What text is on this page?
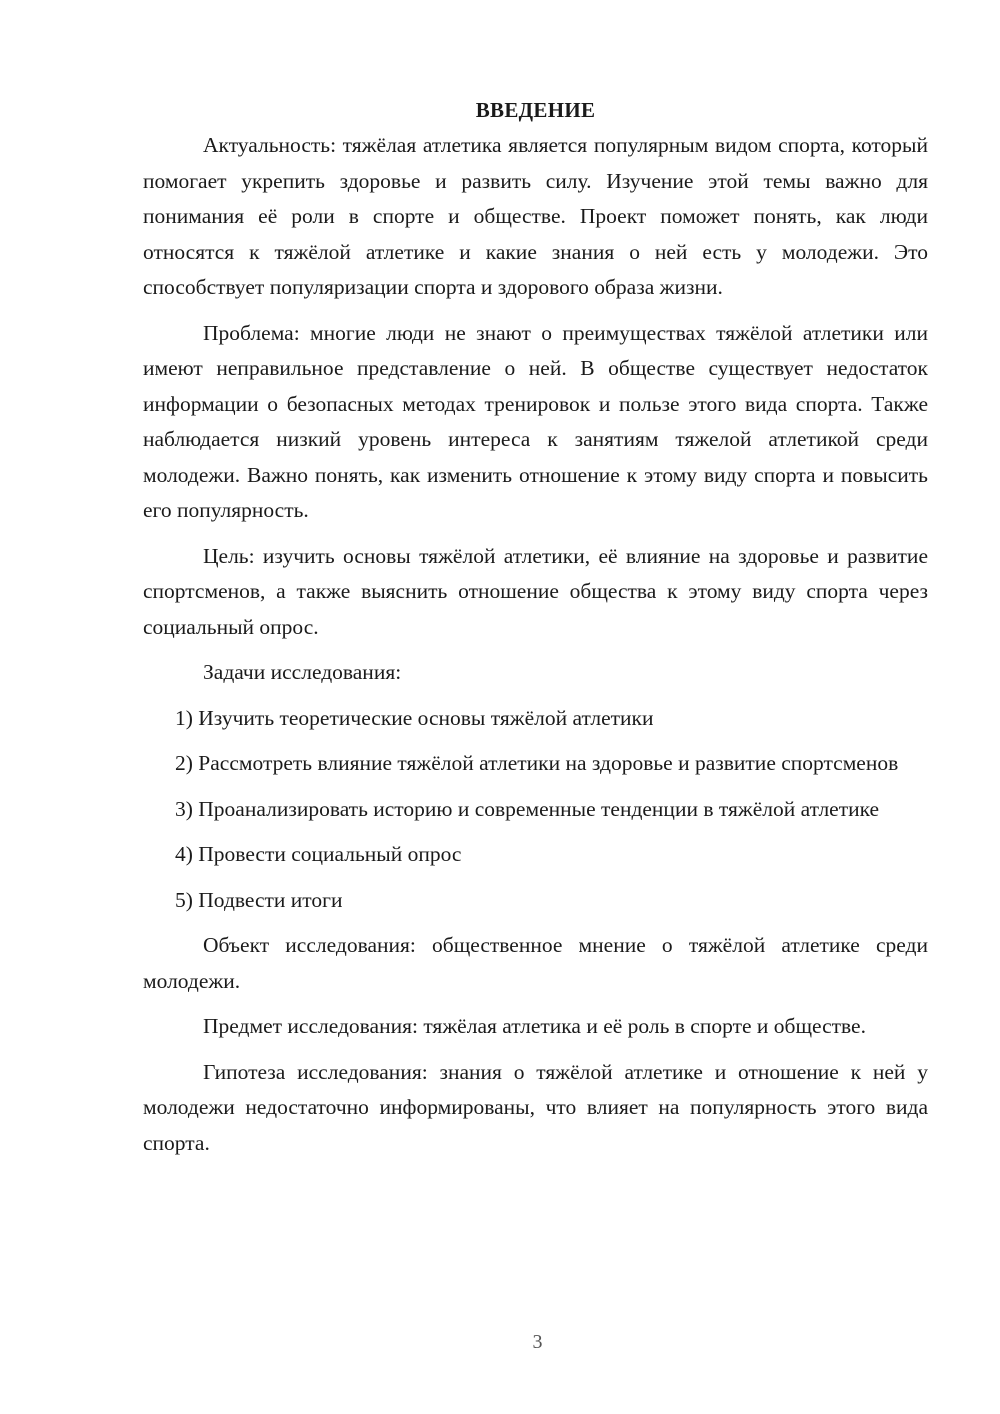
ВВЕДЕНИЕ

Актуальность: тяжёлая атлетика является популярным видом спорта, который помогает укрепить здоровье и развить силу. Изучение этой темы важно для понимания её роли в спорте и обществе. Проект поможет понять, как люди относятся к тяжёлой атлетике и какие знания о ней есть у молодежи. Это способствует популяризации спорта и здорового образа жизни.

Проблема: многие люди не знают о преимуществах тяжёлой атлетики или имеют неправильное представление о ней. В обществе существует недостаток информации о безопасных методах тренировок и пользе этого вида спорта. Также наблюдается низкий уровень интереса к занятиям тяжелой атлетикой среди молодежи. Важно понять, как изменить отношение к этому виду спорта и повысить его популярность.

Цель: изучить основы тяжёлой атлетики, её влияние на здоровье и развитие спортсменов, а также выяснить отношение общества к этому виду спорта через социальный опрос.

Задачи исследования:

1) Изучить теоретические основы тяжёлой атлетики

2) Рассмотреть влияние тяжёлой атлетики на здоровье и развитие спортсменов

3) Проанализировать историю и современные тенденции в тяжёлой атлетике

4) Провести социальный опрос

5) Подвести итоги

Объект исследования: общественное мнение о тяжёлой атлетике среди молодежи.

Предмет исследования: тяжёлая атлетика и её роль в спорте и обществе.

Гипотеза исследования: знания о тяжёлой атлетике и отношение к ней у молодежи недостаточно информированы, что влияет на популярность этого вида спорта.

3
